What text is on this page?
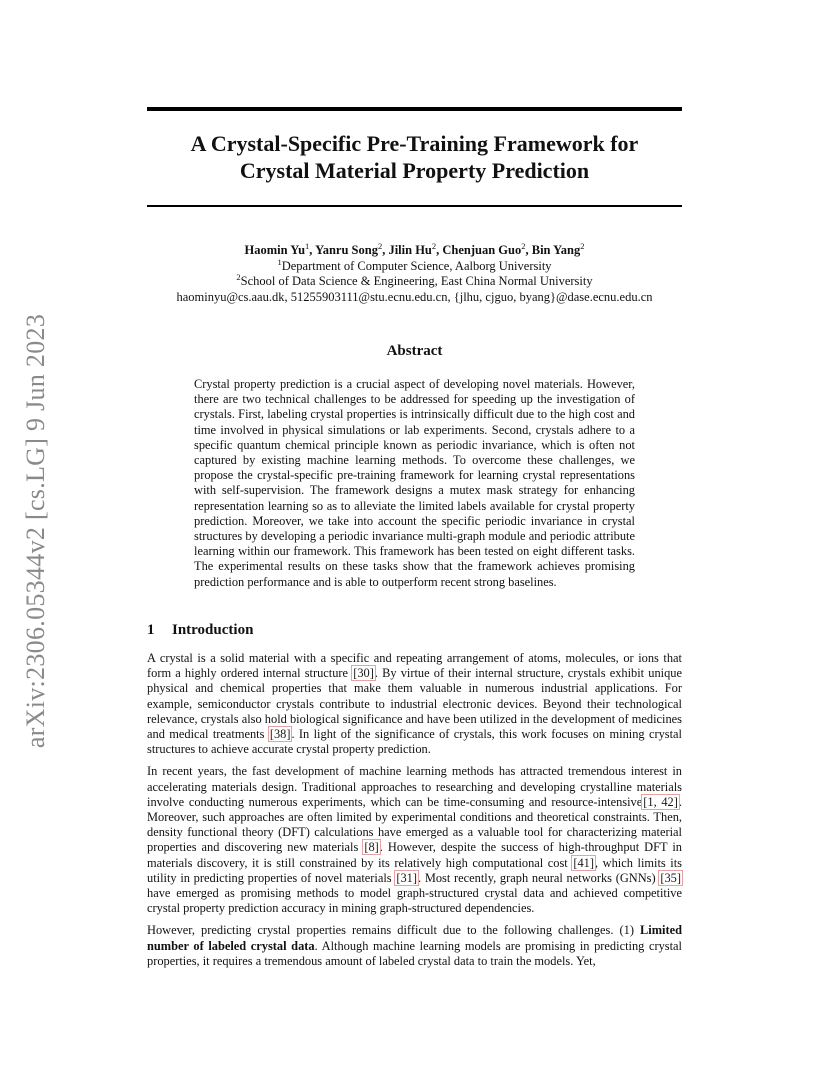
arXiv:2306.05344v2 [cs.LG] 9 Jun 2023
A Crystal-Specific Pre-Training Framework for
Crystal Material Property Prediction
Haomin Yu$^1$, Yanru Song$^2$, Jilin Hu$^2$, Chenjuan Guo$^2$, Bin Yang$^2$
$^1$Department of Computer Science, Aalborg University
$^2$School of Data Science & Engineering, East China Normal University
haominyu@cs.aau.dk, 51255903111@stu.ecnu.edu.cn, {jlhu, cjguo, byang}@dase.ecnu.edu.cn
Abstract
Crystal property prediction is a crucial aspect of developing novel materials. However, there are two technical challenges to be addressed for speeding up the investigation of crystals. First, labeling crystal properties is intrinsically difficult due to the high cost and time involved in physical simulations or lab experiments. Second, crystals adhere to a specific quantum chemical principle known as periodic invariance, which is often not captured by existing machine learning methods. To overcome these challenges, we propose the crystal-specific pre-training framework for learning crystal representations with self-supervision. The framework designs a mutex mask strategy for enhancing representation learning so as to alleviate the limited labels available for crystal property prediction. Moreover, we take into account the specific periodic invariance in crystal structures by developing a periodic invariance multi-graph module and periodic attribute learning within our framework. This framework has been tested on eight different tasks. The experimental results on these tasks show that the framework achieves promising prediction performance and is able to outperform recent strong baselines.
1 Introduction

A crystal is a solid material with a specific and repeating arrangement of atoms, molecules, or ions that form a highly ordered internal structure [30]. By virtue of their internal structure, crystals exhibit unique physical and chemical properties that make them valuable in numerous industrial applications. For example, semiconductor crystals contribute to industrial electronic devices. Beyond their technological relevance, crystals also hold biological significance and have been utilized in the development of medicines and medical treatments [38]. In light of the significance of crystals, this work focuses on mining crystal structures to achieve accurate crystal property prediction.

In recent years, the fast development of machine learning methods has attracted tremendous interest in accelerating materials design. Traditional approaches to researching and developing crystalline materials involve conducting numerous experiments, which can be time-consuming and resource-intensive[1, 42]. Moreover, such approaches are often limited by experimental conditions and theoretical constraints. Then, density functional theory (DFT) calculations have emerged as a valuable tool for characterizing material properties and discovering new materials [8]. However, despite the success of high-throughput DFT in materials discovery, it is still constrained by its relatively high computational cost [41], which limits its utility in predicting properties of novel materials [31]. Most recently, graph neural networks (GNNs) [35] have emerged as promising methods to model graph-structured crystal data and achieved competitive crystal property prediction accuracy in mining graph-structured dependencies.

However, predicting crystal properties remains difficult due to the following challenges. (1) Limited number of labeled crystal data. Although machine learning models are promising in predicting crystal properties, it requires a tremendous amount of labeled crystal data to train the models. Yet,
